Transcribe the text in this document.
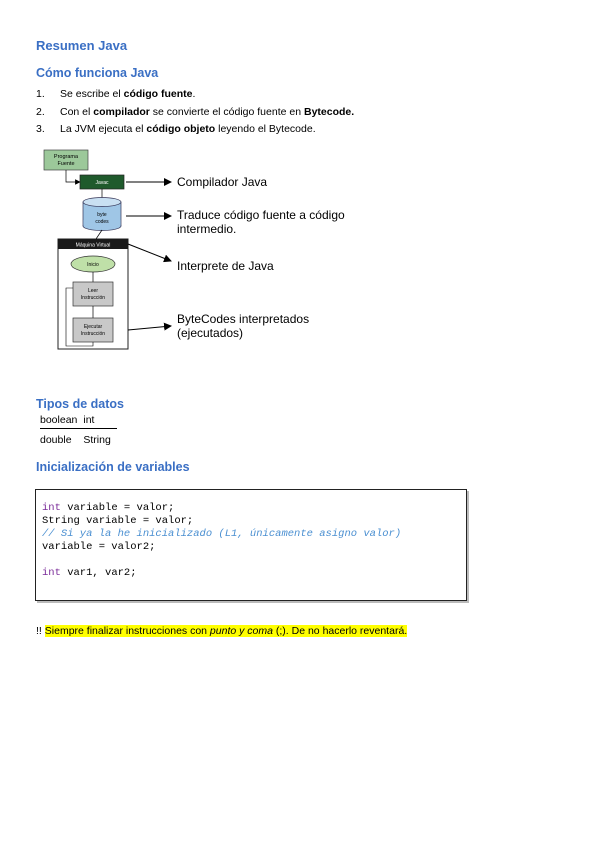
Resumen Java
Cómo funciona Java
1.	Se escribe el código fuente.
2.	Con el compilador se convierte el código fuente en Bytecode.
3.	La JVM ejecuta el código objeto leyendo el Bytecode.
Programa
Fuente
Javac	Compilador Java
byte
codes	Traduce código fuente a código
intermedio.
Máquina Virtual
Inicio
Leer
Instrucción
Ejecutar
Instrucción
Interprete de Java
ByteCodes interpretados
(ejecutados)
Tipos de datos
boolean	int
double	String
Inicialización de variables
int variable = valor;
String variable = valor;
// Si ya la he inicializado (L1, únicamente asigno valor)
variable = valor2;
int var1, var2;
!! Siempre finalizar instrucciones con punto y coma (;). De no hacerlo reventará.
